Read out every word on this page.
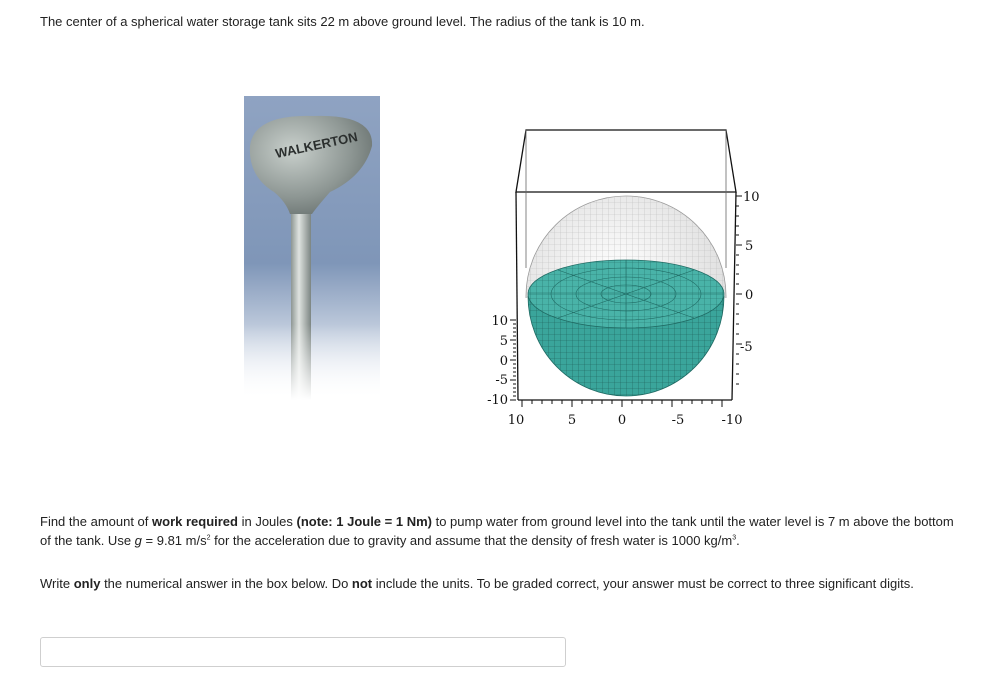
The center of a spherical water storage tank sits 22 m above ground level. The radius of the tank is 10 m.

10
5
0
-5
10
5
0
-5
-10
10	5	0	-5	-10

Find the amount of work required in Joules (note: 1 Joule = 1 Nm) to pump water from ground level into the tank until the water level is 7 m above the bottom of the tank. Use g = 9.81 $m/s^2$ for the acceleration due to gravity and assume that the density of fresh water is 1000 $kg/m^3$.

Write only the numerical answer in the box below. Do not include the units. To be graded correct, your answer must be correct to three significant digits.
